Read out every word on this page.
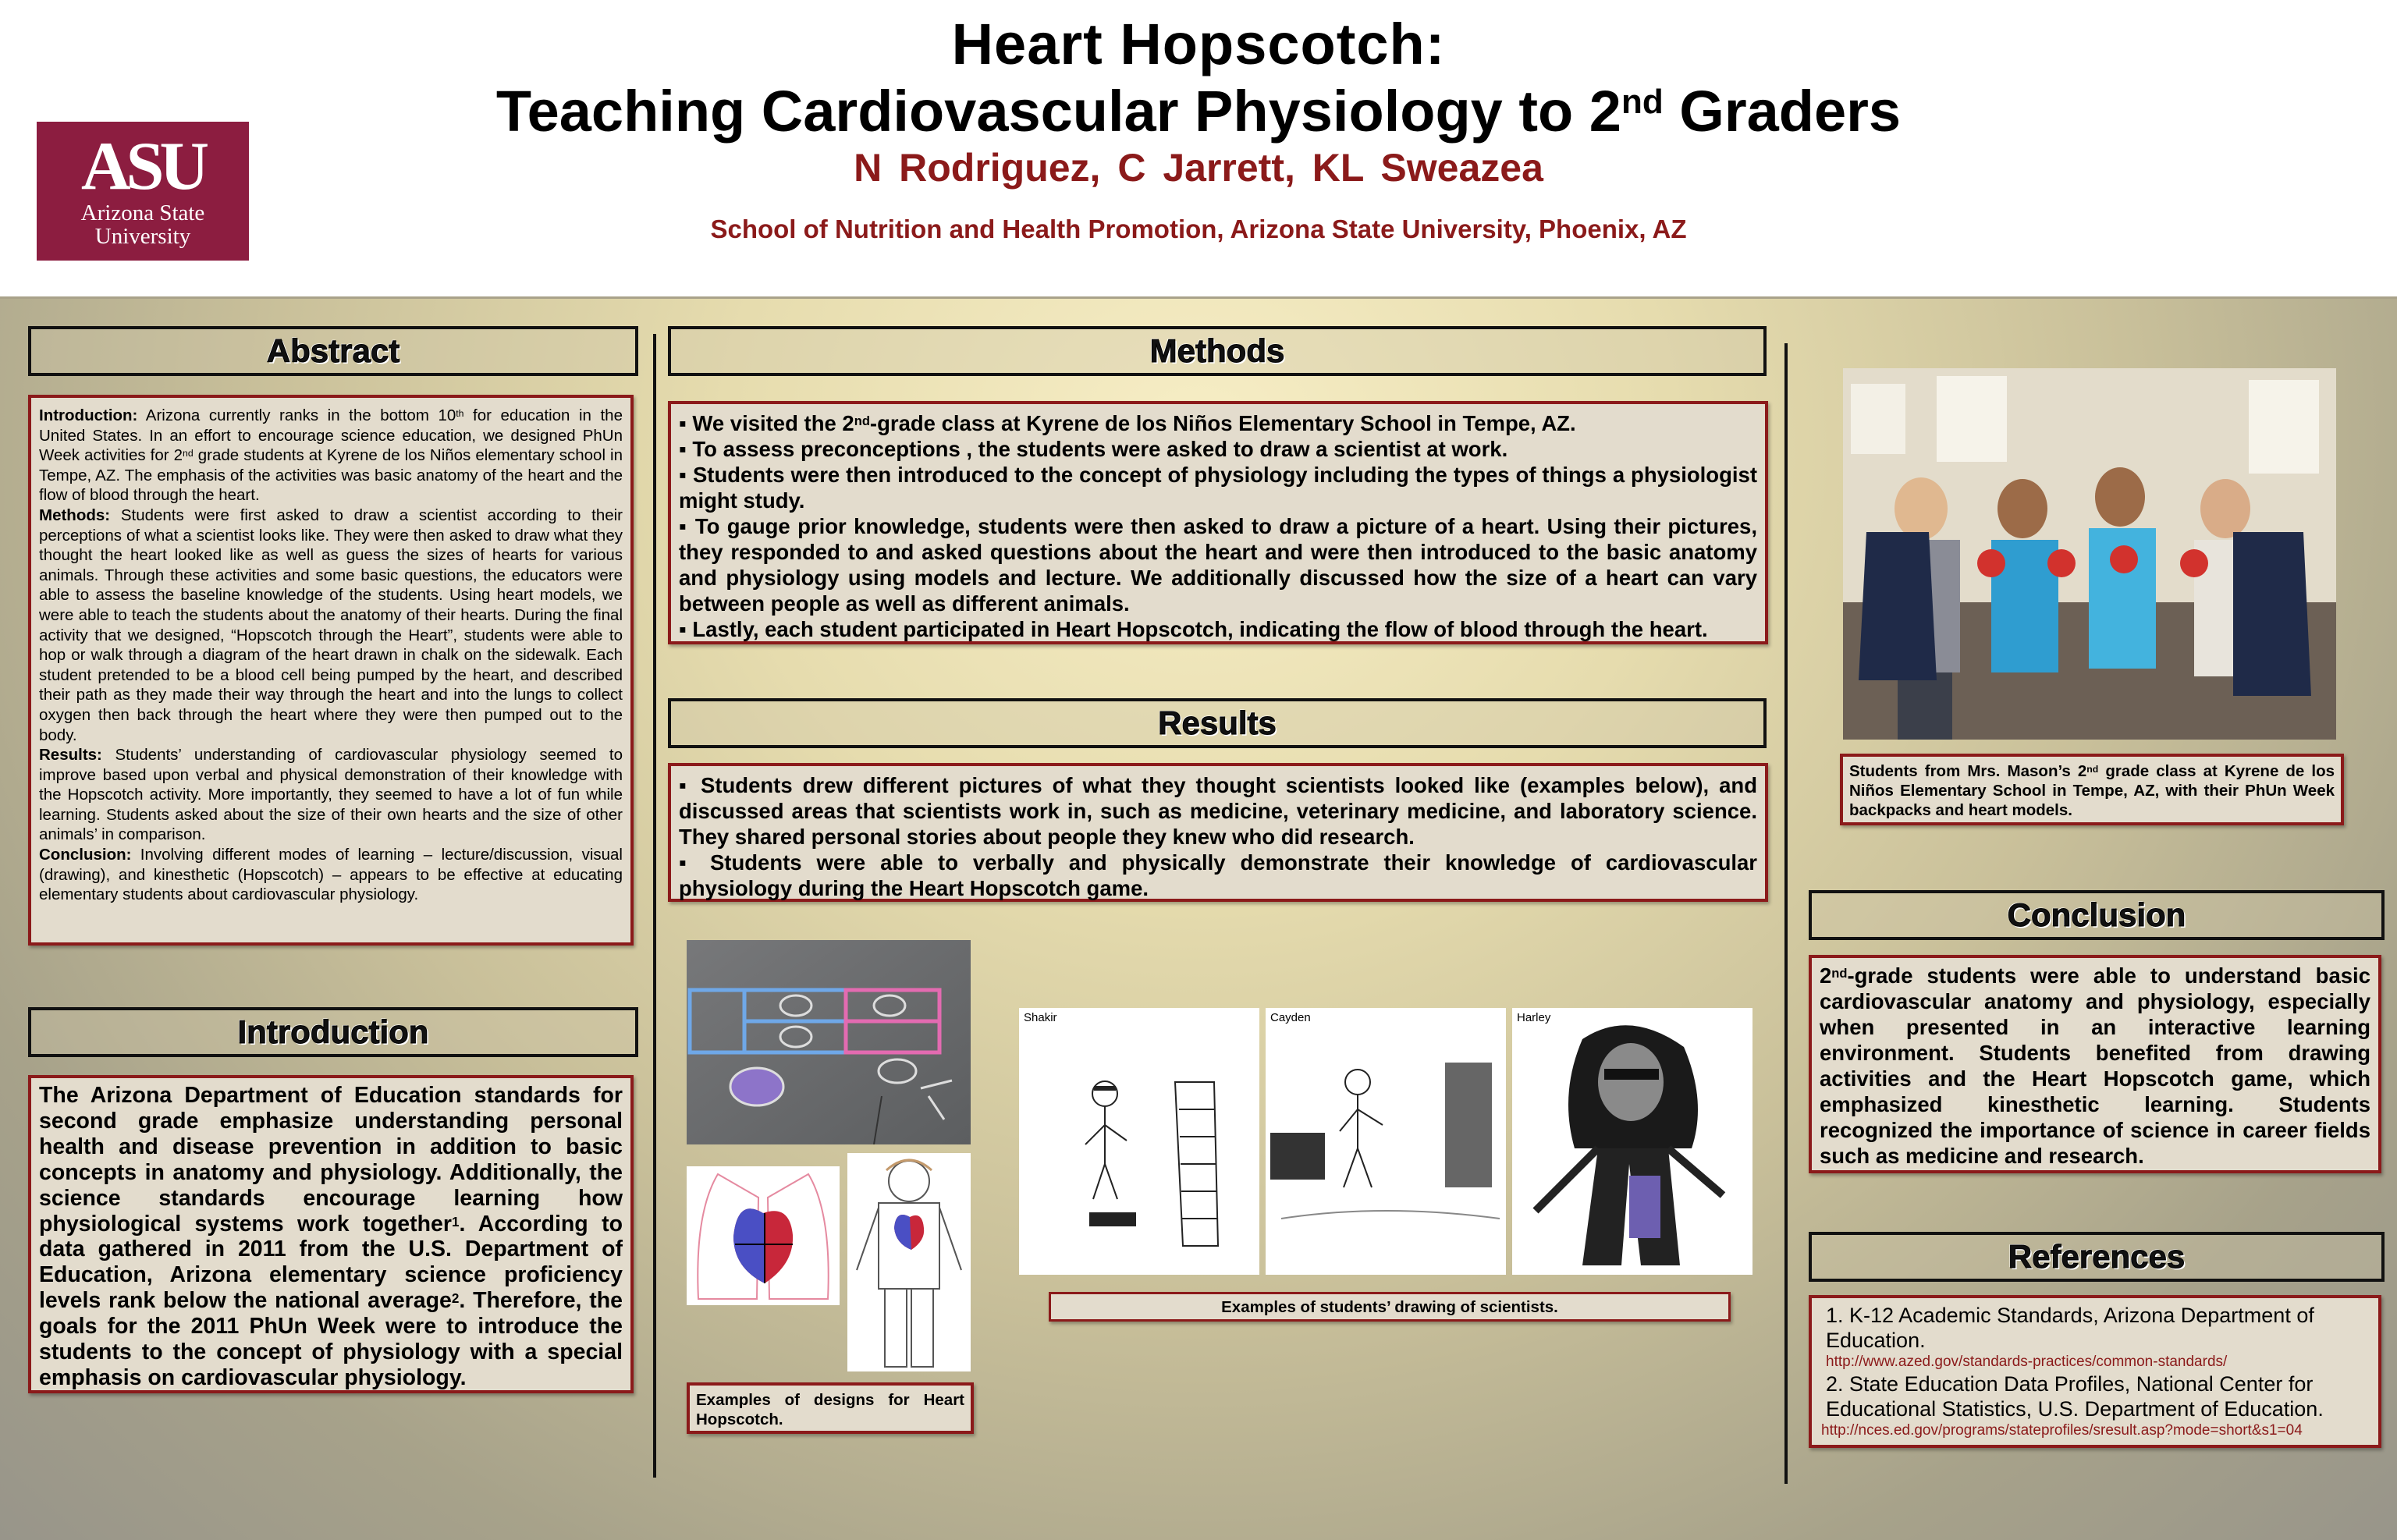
ASU
Arizona State
University
Heart Hopscotch:
Teaching Cardiovascular Physiology to 2nd Graders
N Rodriguez, C Jarrett, KL Sweazea
School of Nutrition and Health Promotion, Arizona State University, Phoenix, AZ
Abstract
Introduction: Arizona currently ranks in the bottom 10th for education in the United States. In an effort to encourage science education, we designed PhUn Week activities for 2nd grade students at Kyrene de los Niños elementary school in Tempe, AZ. The emphasis of the activities was basic anatomy of the heart and the flow of blood through the heart.
Methods: Students were first asked to draw a scientist according to their perceptions of what a scientist looks like. They were then asked to draw what they thought the heart looked like as well as guess the sizes of hearts for various animals. Through these activities and some basic questions, the educators were able to assess the baseline knowledge of the students. Using heart models, we were able to teach the students about the anatomy of their hearts. During the final activity that we designed, “Hopscotch through the Heart”, students were able to hop or walk through a diagram of the heart drawn in chalk on the sidewalk. Each student pretended to be a blood cell being pumped by the heart, and described their path as they made their way through the heart and into the lungs to collect oxygen then back through the heart where they were then pumped out to the body.
Results: Students’ understanding of cardiovascular physiology seemed to improve based upon verbal and physical demonstration of their knowledge with the Hopscotch activity. More importantly, they seemed to have a lot of fun while learning. Students asked about the size of their own hearts and the size of other animals’ in comparison.
Conclusion: Involving different modes of learning – lecture/discussion, visual (drawing), and kinesthetic (Hopscotch) – appears to be effective at educating elementary students about cardiovascular physiology.
Introduction
The Arizona Department of Education standards for second grade emphasize understanding personal health and disease prevention in addition to basic concepts in anatomy and physiology. Additionally, the science standards encourage learning how physiological systems work together$^1$. According to data gathered in 2011 from the U.S. Department of Education, Arizona elementary science proficiency levels rank below the national average$^2$. Therefore, the goals for the 2011 PhUn Week were to introduce the students to the concept of physiology with a special emphasis on cardiovascular physiology.
Methods
▪ We visited the 2nd-grade class at Kyrene de los Niños Elementary School in Tempe, AZ.
▪ To assess preconceptions , the students were asked to draw a scientist at work.
▪ Students were then introduced to the concept of physiology including the types of things a physiologist might study.
▪ To gauge prior knowledge, students were then asked to draw a picture of a heart. Using their pictures, they responded to and asked questions about the heart and were then introduced to the basic anatomy and physiology using models and lecture. We additionally discussed how the size of a heart can vary between people as well as different animals.
▪ Lastly, each student participated in Heart Hopscotch, indicating the flow of blood through the heart.
Results
▪ Students drew different pictures of what they thought scientists looked like (examples below), and discussed areas that scientists work in, such as medicine, veterinary medicine, and laboratory science. They shared personal stories about people they knew who did research.
▪ Students were able to verbally and physically demonstrate their knowledge of cardiovascular physiology during the Heart Hopscotch game.
Examples of designs for Heart Hopscotch.
Shakir	Cayden	Harley
Examples of students’ drawing of scientists.
Students from Mrs. Mason’s 2nd grade class at Kyrene de los Niños Elementary School in Tempe, AZ, with their PhUn Week backpacks and heart models.
Conclusion
2nd-grade students were able to understand basic cardiovascular anatomy and physiology, especially when presented in an interactive learning environment. Students benefited from drawing activities and the Heart Hopscotch game, which emphasized kinesthetic learning. Students recognized the importance of science in career fields such as medicine and research.
References
1. K-12 Academic Standards, Arizona Department of Education.
http://www.azed.gov/standards-practices/common-standards/
2. State Education Data Profiles, National Center for Educational Statistics, U.S. Department of Education.
http://nces.ed.gov/programs/stateprofiles/sresult.asp?mode=short&s1=04
